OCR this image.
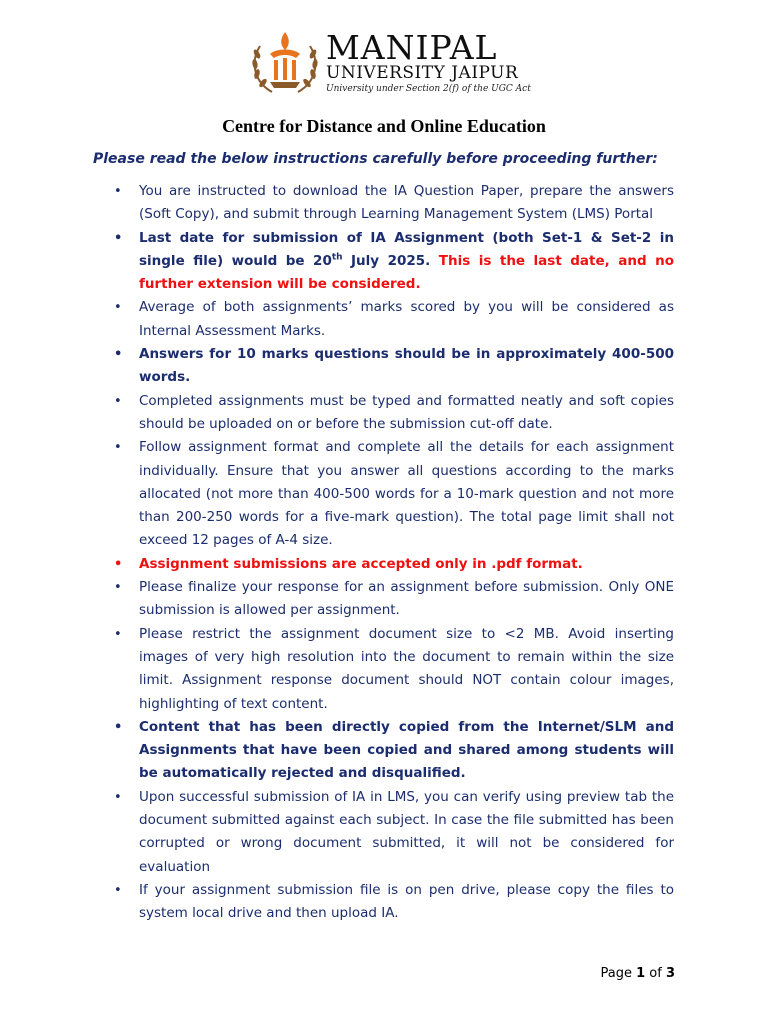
MANIPAL
UNIVERSITY JAIPUR
University under Section 2(f) of the UGC Act
Centre for Distance and Online Education
Please read the below instructions carefully before proceeding further:
• You are instructed to download the IA Question Paper, prepare the answers (Soft Copy), and submit through Learning Management System (LMS) Portal
• Last date for submission of IA Assignment (both Set-1 & Set-2 in single file) would be 20th July 2025. This is the last date, and no further extension will be considered.
• Average of both assignments’ marks scored by you will be considered as Internal Assessment Marks.
• Answers for 10 marks questions should be in approximately 400-500 words.
• Completed assignments must be typed and formatted neatly and soft copies should be uploaded on or before the submission cut-off date.
• Follow assignment format and complete all the details for each assignment individually. Ensure that you answer all questions according to the marks allocated (not more than 400-500 words for a 10-mark question and not more than 200-250 words for a five-mark question). The total page limit shall not exceed 12 pages of A-4 size.
• Assignment submissions are accepted only in .pdf format.
• Please finalize your response for an assignment before submission. Only ONE submission is allowed per assignment.
• Please restrict the assignment document size to <2 MB. Avoid inserting images of very high resolution into the document to remain within the size limit. Assignment response document should NOT contain colour images, highlighting of text content.
• Content that has been directly copied from the Internet/SLM and Assignments that have been copied and shared among students will be automatically rejected and disqualified.
• Upon successful submission of IA in LMS, you can verify using preview tab the document submitted against each subject. In case the file submitted has been corrupted or wrong document submitted, it will not be considered for evaluation
• If your assignment submission file is on pen drive, please copy the files to system local drive and then upload IA.
Page 1 of 3
